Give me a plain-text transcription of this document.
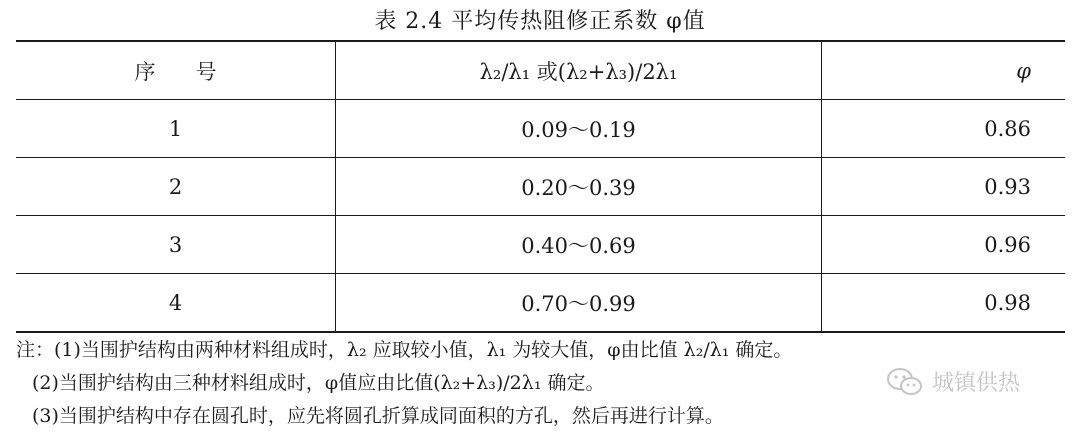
表 2.4 平均传热阻修正系数 φ值
序号	λ₂/λ₁ 或(λ₂+λ₃)/2λ₁	φ
1	0.09～0.19	0.86
2	0.20～0.39	0.93
3	0.40～0.69	0.96
4	0.70～0.99	0.98
注：(1)当围护结构由两种材料组成时，λ₂ 应取较小值，λ₁ 为较大值，φ由比值 λ₂/λ₁ 确定。
(2)当围护结构由三种材料组成时，φ值应由比值(λ₂+λ₃)/2λ₁ 确定。
(3)当围护结构中存在圆孔时，应先将圆孔折算成同面积的方孔，然后再进行计算。
城镇供热
